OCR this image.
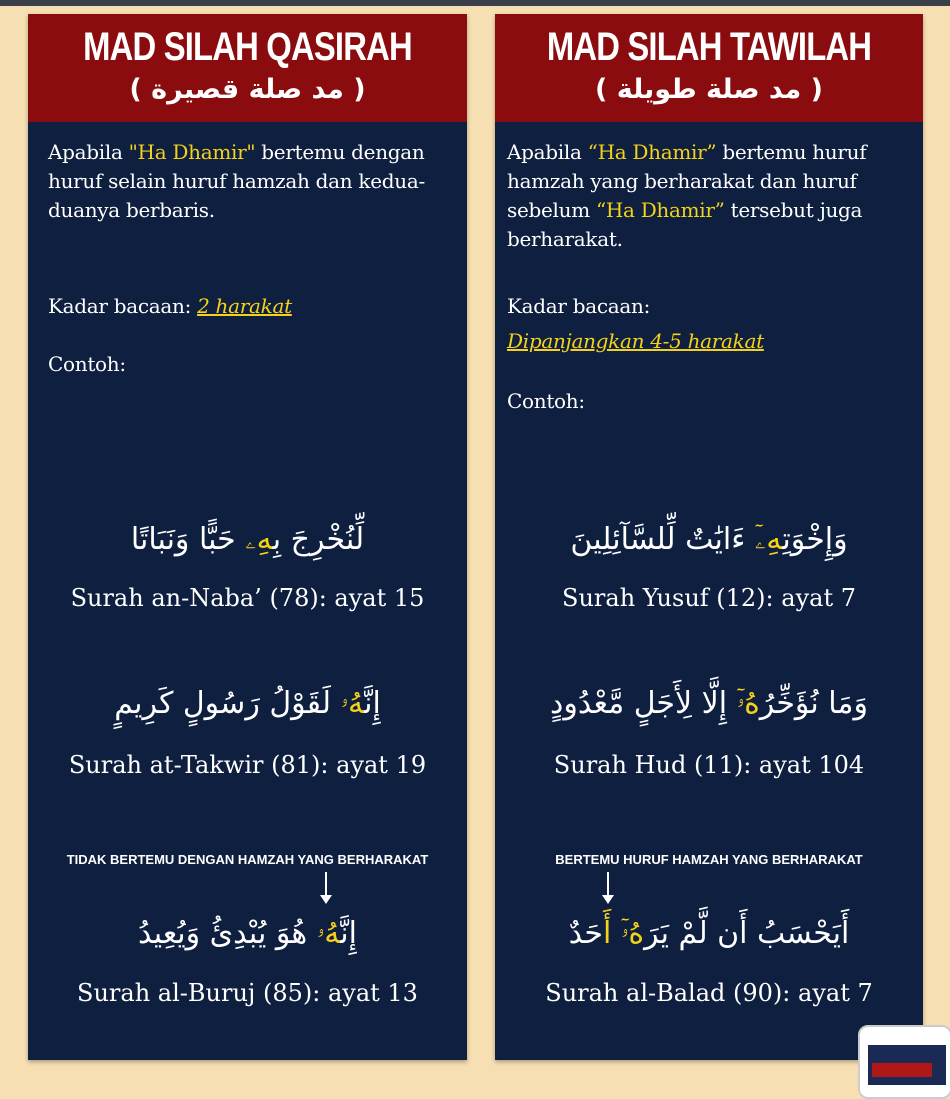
MAD SILAH QASIRAH
( مد صلة قصيرة )
Apabila "Ha Dhamir" bertemu dengan huruf selain huruf hamzah dan kedua-duanya berbaris.
Kadar bacaan: 2 harakat
Contoh:
لِّنُخْرِجَ بِهِۦ حَبًّا وَنَبَاتًا
Surah an-Naba’ (78): ayat 15
إِنَّهُۥ لَقَوْلُ رَسُولٍ كَرِيمٍ
Surah at-Takwir (81): ayat 19
TIDAK BERTEMU DENGAN HAMZAH YANG BERHARAKAT
إِنَّهُۥ هُوَ يُبْدِئُ وَيُعِيدُ
Surah al-Buruj (85): ayat 13
MAD SILAH TAWILAH
( مد صلة طويلة )
Apabila “Ha Dhamir” bertemu huruf hamzah yang berharakat dan huruf sebelum “Ha Dhamir” tersebut juga berharakat.
Kadar bacaan:
Dipanjangkan 4-5 harakat
Contoh:
وَإِخْوَتِهِۦٓ ءَايَٰتٌ لِّلسَّآئِلِينَ
Surah Yusuf (12): ayat 7
وَمَا نُؤَخِّرُهُۥٓ إِلَّا لِأَجَلٍ مَّعْدُودٍ
Surah Hud (11): ayat 104
BERTEMU HURUF HAMZAH YANG BERHARAKAT
أَيَحْسَبُ أَن لَّمْ يَرَهُۥٓ أَحَدٌ
Surah al-Balad (90): ayat 7
